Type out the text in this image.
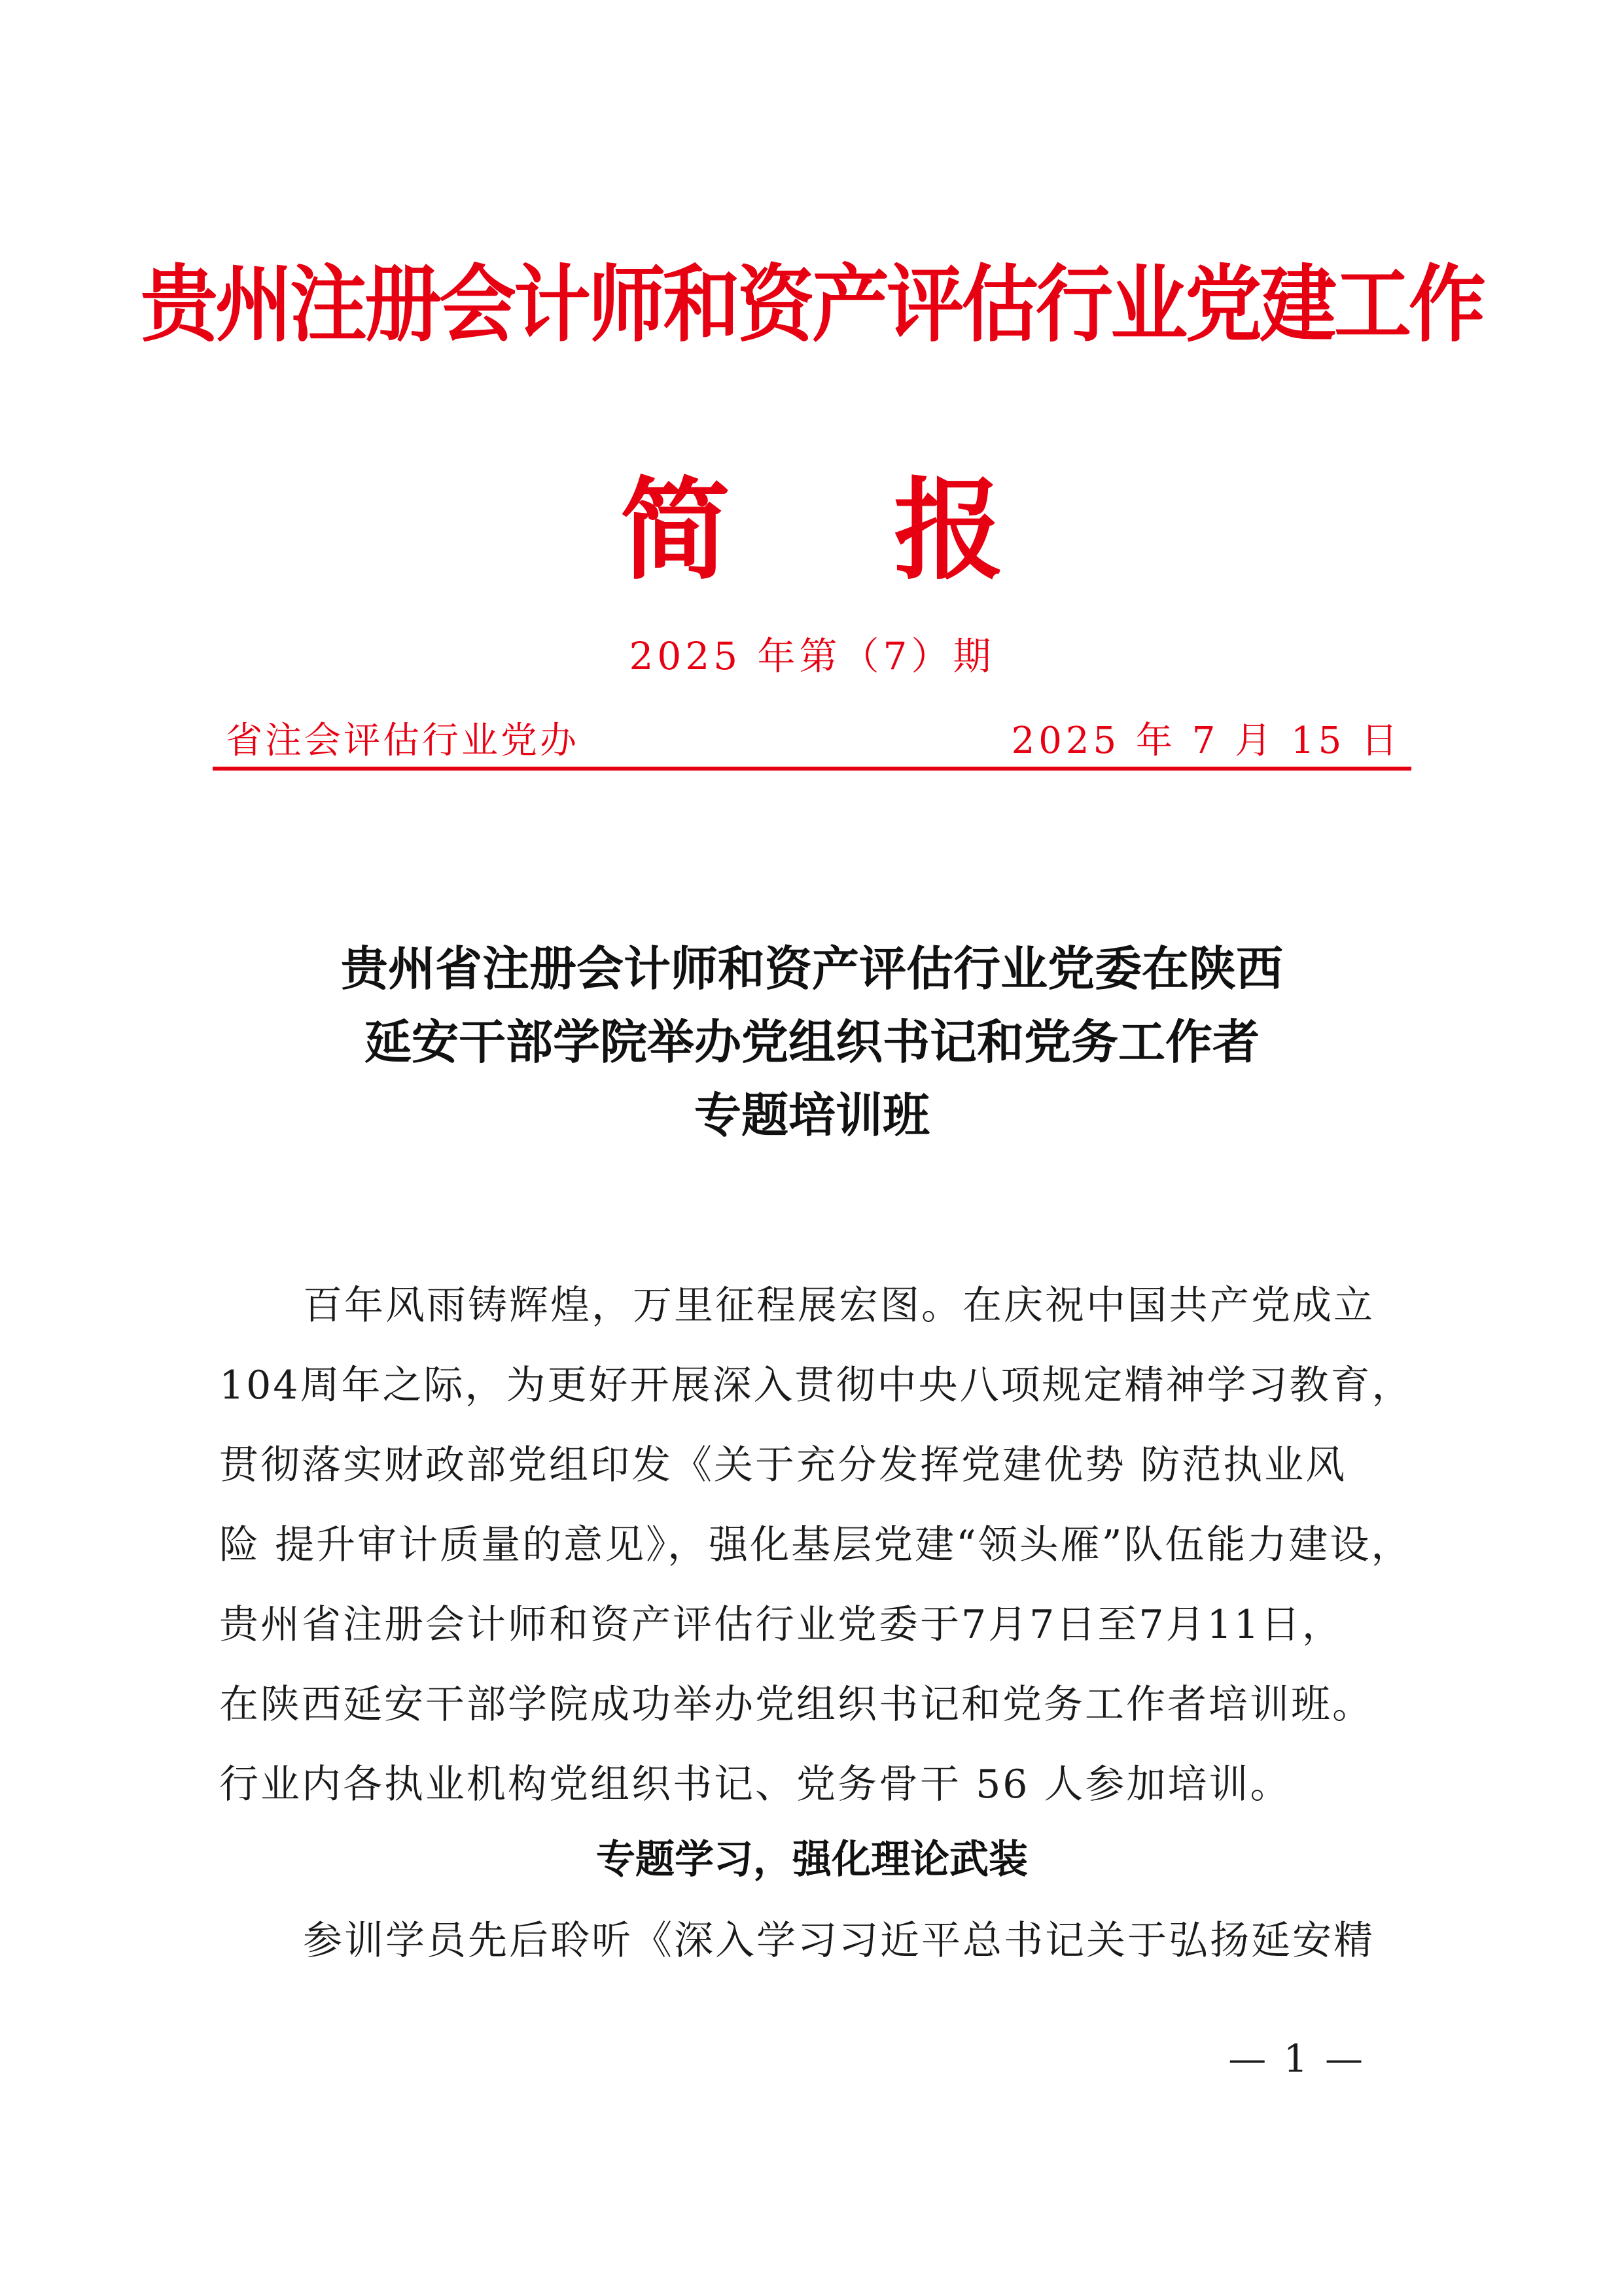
贵州注册会计师和资产评估行业党建工作
简 报
2025 年第（7）期
省注会评估行业党办	2025 年 7 月 15 日
贵州省注册会计师和资产评估行业党委在陕西
延安干部学院举办党组织书记和党务工作者
专题培训班
百年风雨铸辉煌，万里征程展宏图。在庆祝中国共产党成立
104周年之际，为更好开展深入贯彻中央八项规定精神学习教育，
贯彻落实财政部党组印发《关于充分发挥党建优势 防范执业风
险 提升审计质量的意见》，强化基层党建“领头雁”队伍能力建设，
贵州省注册会计师和资产评估行业党委于7月7日至7月11日，
在陕西延安干部学院成功举办党组织书记和党务工作者培训班。
行业内各执业机构党组织书记、党务骨干 56 人参加培训。
专题学习，强化理论武装
参训学员先后聆听《深入学习习近平总书记关于弘扬延安精
— 1 —
